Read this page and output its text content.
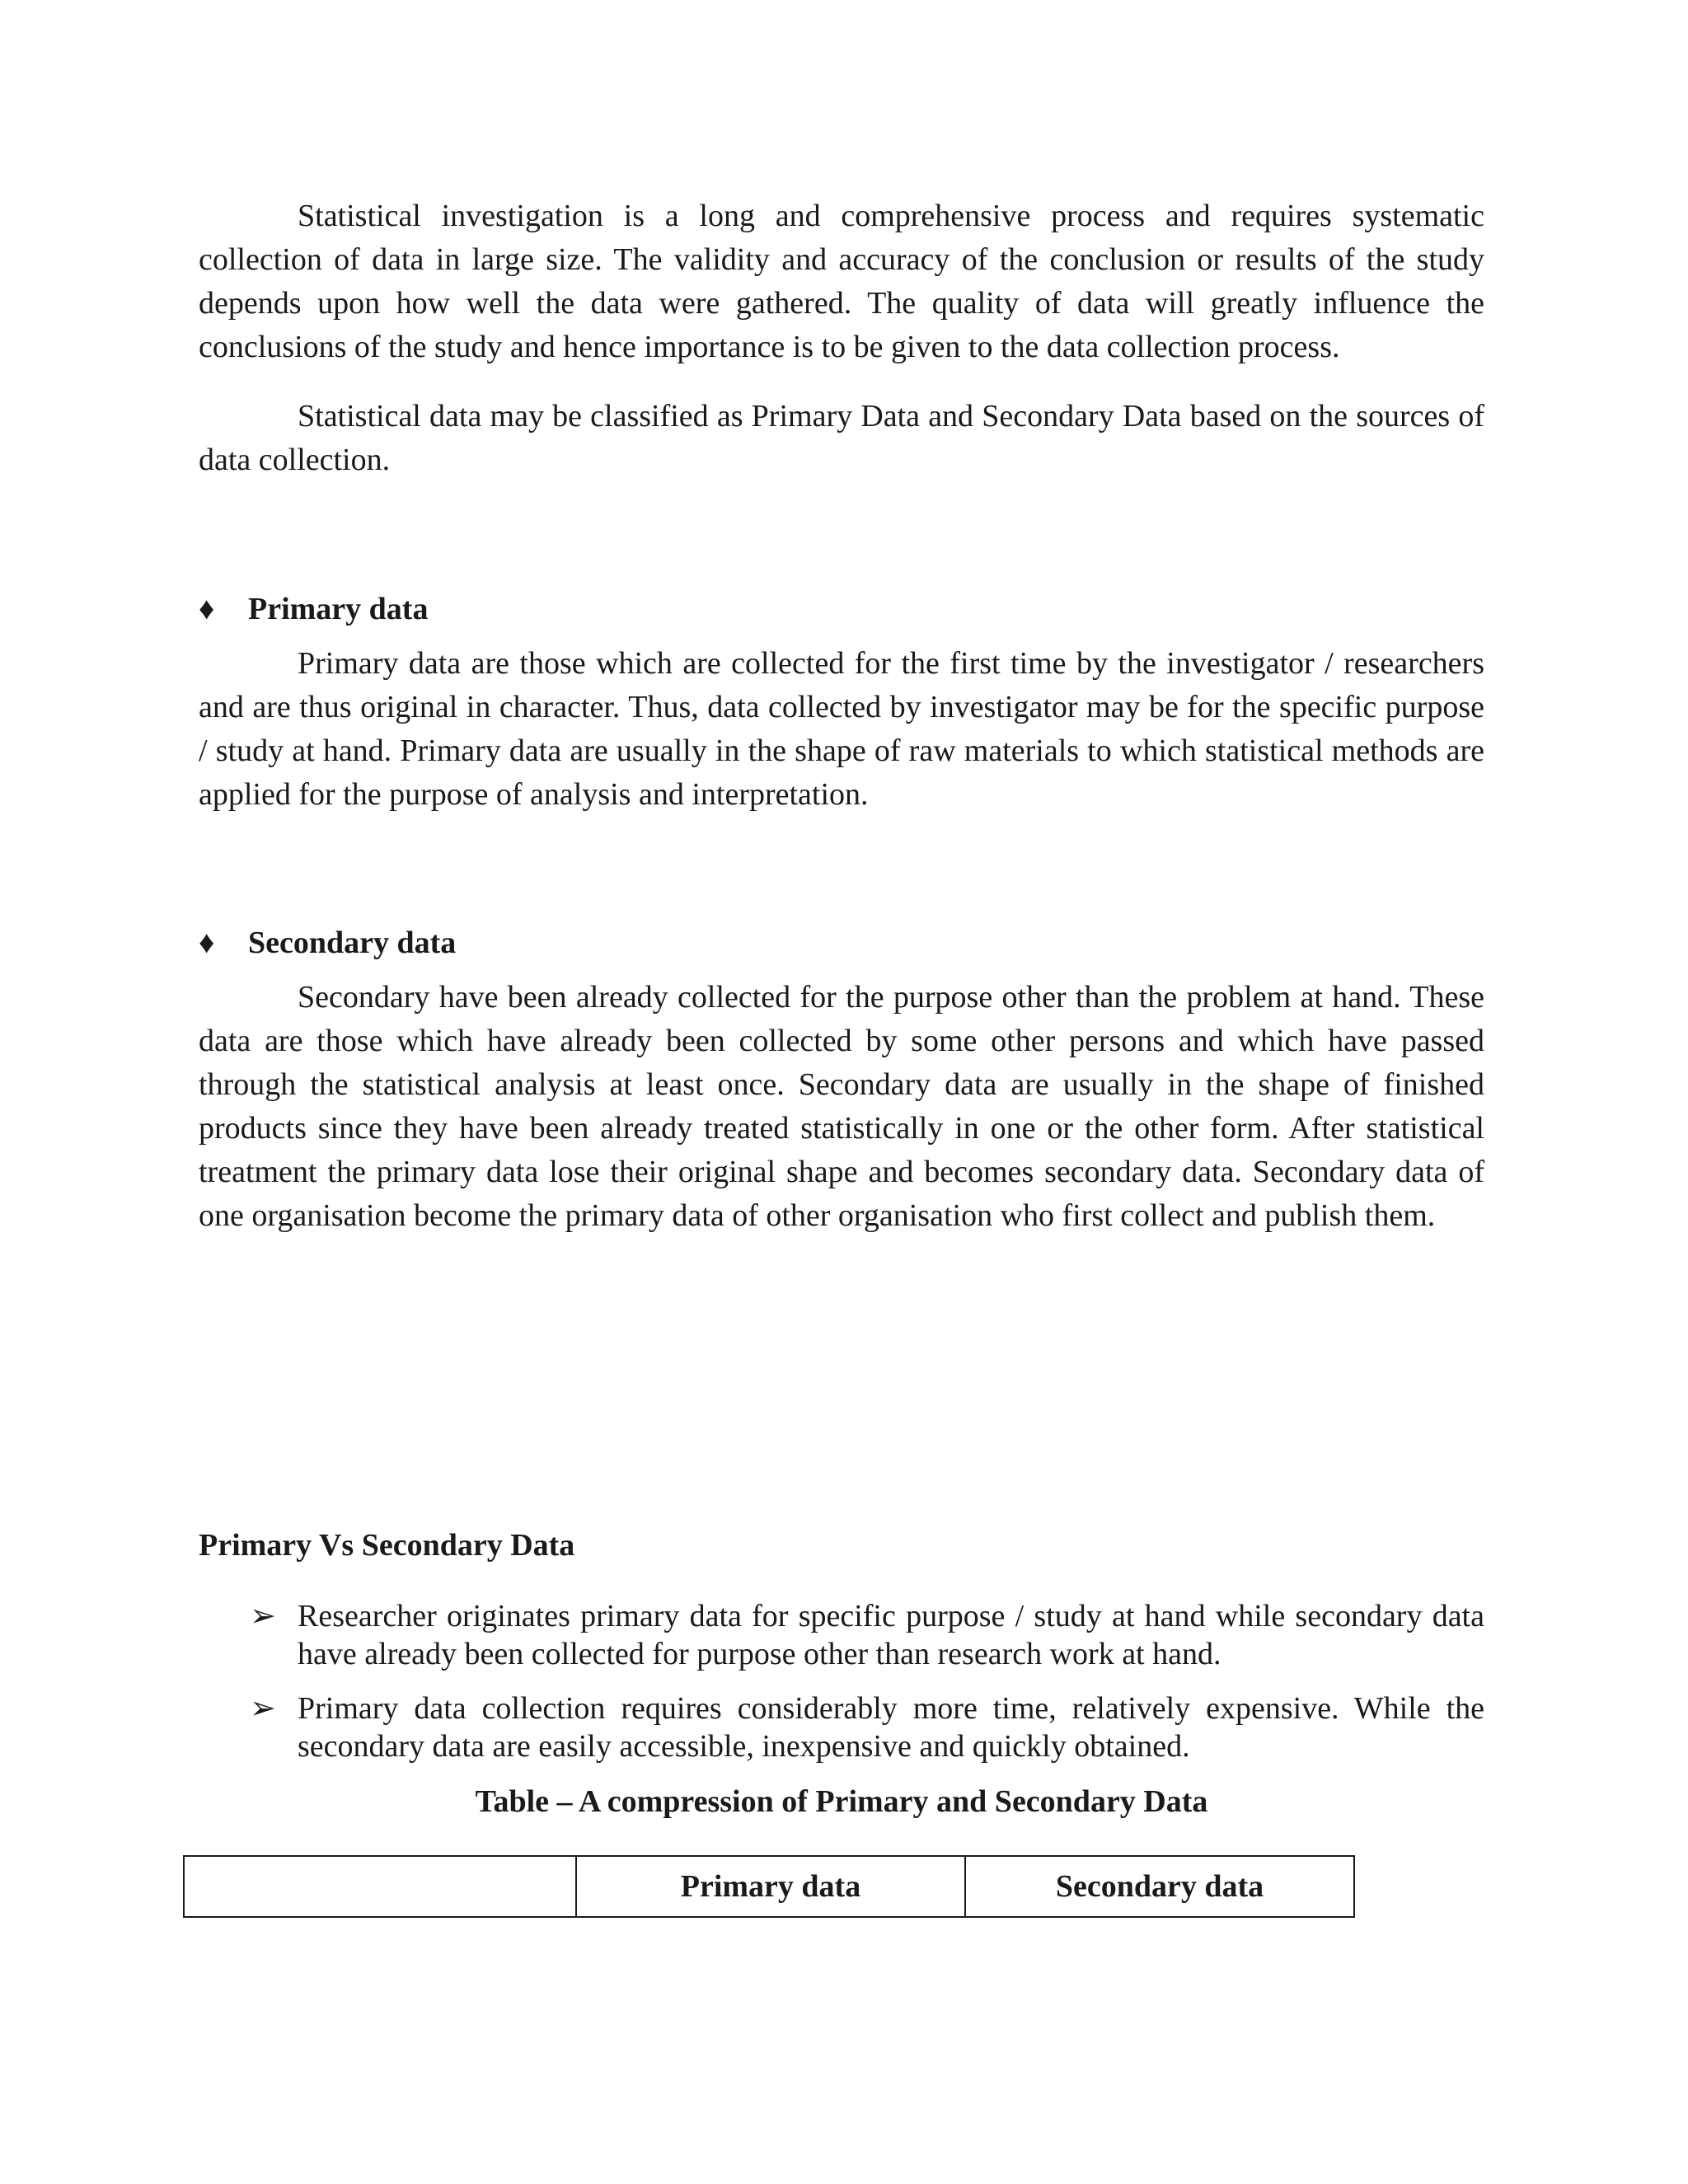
Statistical investigation is a long and comprehensive process and requires systematic collection of data in large size. The validity and accuracy of the conclusion or results of the study depends upon how well the data were gathered. The quality of data will greatly influence the conclusions of the study and hence importance is to be given to the data collection process.

Statistical data may be classified as Primary Data and Secondary Data based on the sources of data collection.

♦ Primary data

Primary data are those which are collected for the first time by the investigator / researchers and are thus original in character. Thus, data collected by investigator may be for the specific purpose / study at hand. Primary data are usually in the shape of raw materials to which statistical methods are applied for the purpose of analysis and interpretation.

♦ Secondary data

Secondary have been already collected for the purpose other than the problem at hand. These data are those which have already been collected by some other persons and which have passed through the statistical analysis at least once. Secondary data are usually in the shape of finished products since they have been already treated statistically in one or the other form. After statistical treatment the primary data lose their original shape and becomes secondary data. Secondary data of one organisation become the primary data of other organisation who first collect and publish them.

Primary Vs Secondary Data
➢ Researcher originates primary data for specific purpose / study at hand while secondary data have already been collected for purpose other than research work at hand.
➢ Primary data collection requires considerably more time, relatively expensive. While the secondary data are easily accessible, inexpensive and quickly obtained.

Table – A compression of Primary and Secondary Data

	Primary data	Secondary data
